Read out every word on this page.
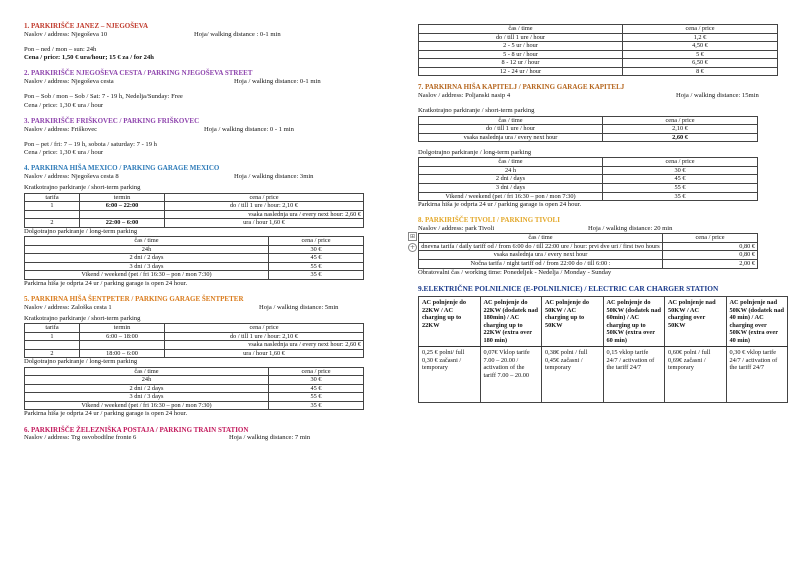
1. PARKIRIŠČE JANEZ – NJEGOŠEVA

Naslov / address: Njegoševa 10	Hoja/ walking distance : 0-1 min

Pon – ned / mon – sun: 24h

Cena / price: 1,50 € ura/hour; 15 € za / for 24h

2. PARKIRIŠČE NJEGOŠEVA CESTA / PARKING NJEGOŠEVA STREET

Naslov / address: Njegoševa cesta	Hoja / walking distance: 0-1 min

Pon – Sob / mon – Sob / Sat: 7 - 19 h, Nedelja/Sunday: Free

Cena / price: 1,30 € ura / hour

3. PARKIRIŠČE FRIŠKOVEC / PARKING FRIŠKOVEC

Naslov / address: Friškovec	Hoja / walking distance: 0 - 1 min

Pon – pet / fri: 7 – 19 h, sobota / saturday: 7 - 19 h

Cena / price: 1,30 € ura / hour

4. PARKIRNA HIŠA MEXICO / PARKING GARAGE MEXICO

Naslov / address: Njegoševa cesta 8	Hoja / walking distance: 3min

Kratkotrajno parkiranje / short-term parking

tarifa	termin	cena / price
1	6:00 – 22:00	do / till 1 ure / hour: 2,10 €
		vsaka naslednja ura / every next hour: 2,60 €
2	22:00 – 6:00	ura / hour 1,60 €

Dolgotrajno parkiranje / long-term parking

čas / time	cena / price
24h	30 €
2 dni / 2 days	45 €
3 dni / 3 days	55 €
Vikend / weekend (pet / fri 16:30 – pon / mon 7:30)	35 €

Parkirna hiša je odprta 24 ur / parking garage is open 24 hour.

5. PARKIRNA HIŠA ŠENTPETER / PARKING GARAGE ŠENTPETER

Naslov / address: Zaloška cesta 1	Hoja / walking distance: 5min

Kratkotrajno parkiranje / short-term parking

tarifa	termin	cena / price
1	6:00 – 18:00	do / till 1 ure / hour: 2,10 €
		vsaka naslednja ura / every next hour: 2,60 €
2	18:00 – 6:00	ura / hour 1,60 €

Dolgotrajno parkiranje / long-term parking

čas / time	cena / price
24h	30 €
2 dni / 2 days	45 €
3 dni / 3 days	55 €
Vikend / weekend (pet / fri 16:30 – pon / mon 7:30)	35 €

Parkirna hiša je odprta 24 ur / parking garage is open 24 hour.

6. PARKIRIŠČE ŽELEZNIŠKA POSTAJA / PARKING TRAIN STATION

Naslov / address: Trg osvobodilne fronte 6	Hoja / walking distance: 7 min

čas / time	cena / price
do / till 1 ure / hour	1,2 €
2 - 5 ur / hour	4,50 €
5 - 8 ur / hour	5 €
8 - 12 ur / hour	6,50 €
12 - 24 ur / hour	8 €

7. PARKIRNA HIŠA KAPITELJ / PARKING GARAGE KAPITELJ

Naslov / address: Poljanski nasip 4	Hoja / walking distance: 15min

Kratkotrajno parkiranje / short-term parking

čas / time	cena / price
do / till 1 ure / hour	2,10 €
vsaka naslednja ura / every next hour	2,60 €

Dolgotrajno parkiranje / long-term parking

čas / time	cena / price
24 h	30 €
2 dni / days	45 €
3 dni / days	55 €
Vikend / weekend (pet / fri 16:30 – pon / mon 7:30)	35 €

Parkirna hiša je odprta 24 ur / parking garage is open 24 hour.

8. PARKIRIŠČE TIVOLI / PARKING TIVOLI

Naslov / address: park Tivoli	Hoja / walking distance: 20 min

⊞
+
čas / time	cena / price
dnevna tarifa / daily tariff od / from 6:00 do / till 22:00 ure / hour: prvi dve uri / first two hours	0,80 €
vsaka naslednja ura / every next hour	0,80 €
Nočna tarifa / night tariff od / from 22:00 do / till 6:00 :	2,00 €

Obratovalni čas / working time: Ponedeljek - Nedelja / Monday - Sunday

9.ELEKTRIČNE POLNILNICE (E-POLNILNICE) / ELECTRIC CAR CHARGER STATION

AC polnjenje do 22KW / AC charging up to 22KW	AC polnjenje do 22KW (dodatek nad 180min) / AC charging up to 22KW (extra over 180 min)	AC polnjenje do 50KW / AC charging up to 50KW	AC polnjenje do 50KW (dodatek nad 60min) / AC charging up to 50KW (extra over 60 min)	AC polnjenje nad 50KW / AC charging over 50KW	AC polnjenje nad 50KW (dodatek nad 40 min) / AC charging over 50KW (extra over 40 min)
0,25 € polni/ full 0,30 € začasni / temporary	0,07€ Vklop tarife 7.00 – 20.00 / activation of the tariff 7.00 – 20.00	0,38€ polni / full 0,45€ začasni / temporary	0,15 vklop tarife 24/7 / activation of the tariff 24/7	0,60€ polni / full 0,69€ začasni / temporary	0,30 € vklop tarife 24/7 / activation of the tariff 24/7
